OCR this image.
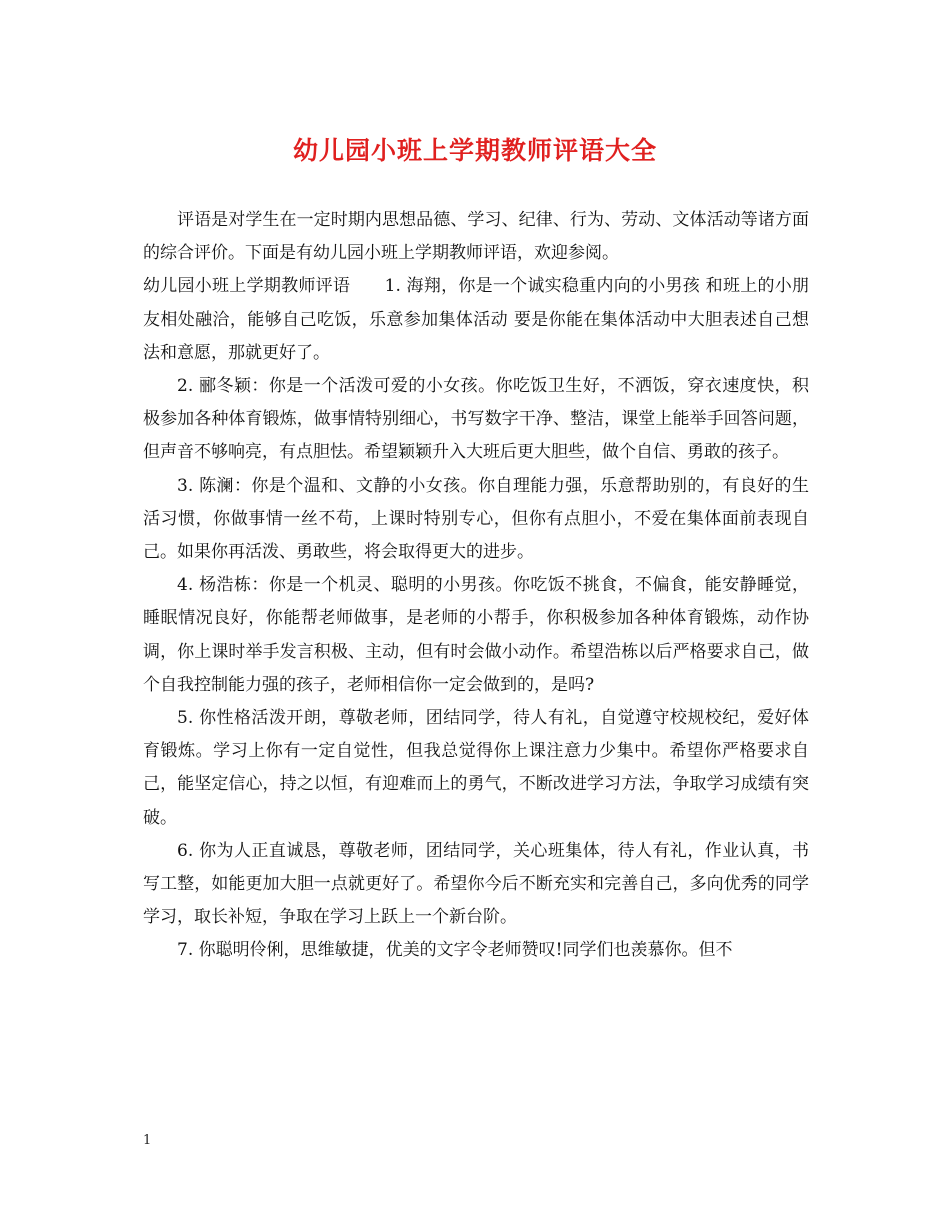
幼儿园小班上学期教师评语大全

评语是对学生在一定时期内思想品德、学习、纪律、行为、劳动、文体活动等诸方面的综合评价。下面是有幼儿园小班上学期教师评语，欢迎参阅。

幼儿园小班上学期教师评语　　1. 海翔，你是一个诚实稳重内向的小男孩 和班上的小朋友相处融洽，能够自己吃饭，乐意参加集体活动 要是你能在集体活动中大胆表述自己想法和意愿，那就更好了。

2. 郦冬颖：你是一个活泼可爱的小女孩。你吃饭卫生好，不洒饭，穿衣速度快，积极参加各种体育锻炼，做事情特别细心，书写数字干净、整洁，课堂上能举手回答问题，但声音不够响亮，有点胆怯。希望颖颖升入大班后更大胆些，做个自信、勇敢的孩子。

3. 陈澜：你是个温和、文静的小女孩。你自理能力强，乐意帮助别的，有良好的生活习惯，你做事情一丝不苟，上课时特别专心，但你有点胆小，不爱在集体面前表现自己。如果你再活泼、勇敢些，将会取得更大的进步。

4. 杨浩栋：你是一个机灵、聪明的小男孩。你吃饭不挑食，不偏食，能安静睡觉，睡眠情况良好，你能帮老师做事，是老师的小帮手，你积极参加各种体育锻炼，动作协调，你上课时举手发言积极、主动，但有时会做小动作。希望浩栋以后严格要求自己，做个自我控制能力强的孩子，老师相信你一定会做到的，是吗?

5. 你性格活泼开朗，尊敬老师，团结同学，待人有礼，自觉遵守校规校纪，爱好体育锻炼。学习上你有一定自觉性，但我总觉得你上课注意力少集中。希望你严格要求自己，能坚定信心，持之以恒，有迎难而上的勇气，不断改进学习方法，争取学习成绩有突破。

6. 你为人正直诚恳，尊敬老师，团结同学，关心班集体，待人有礼，作业认真，书写工整，如能更加大胆一点就更好了。希望你今后不断充实和完善自己，多向优秀的同学学习，取长补短，争取在学习上跃上一个新台阶。

7. 你聪明伶俐，思维敏捷，优美的文字令老师赞叹!同学们也羡慕你。但不

1
